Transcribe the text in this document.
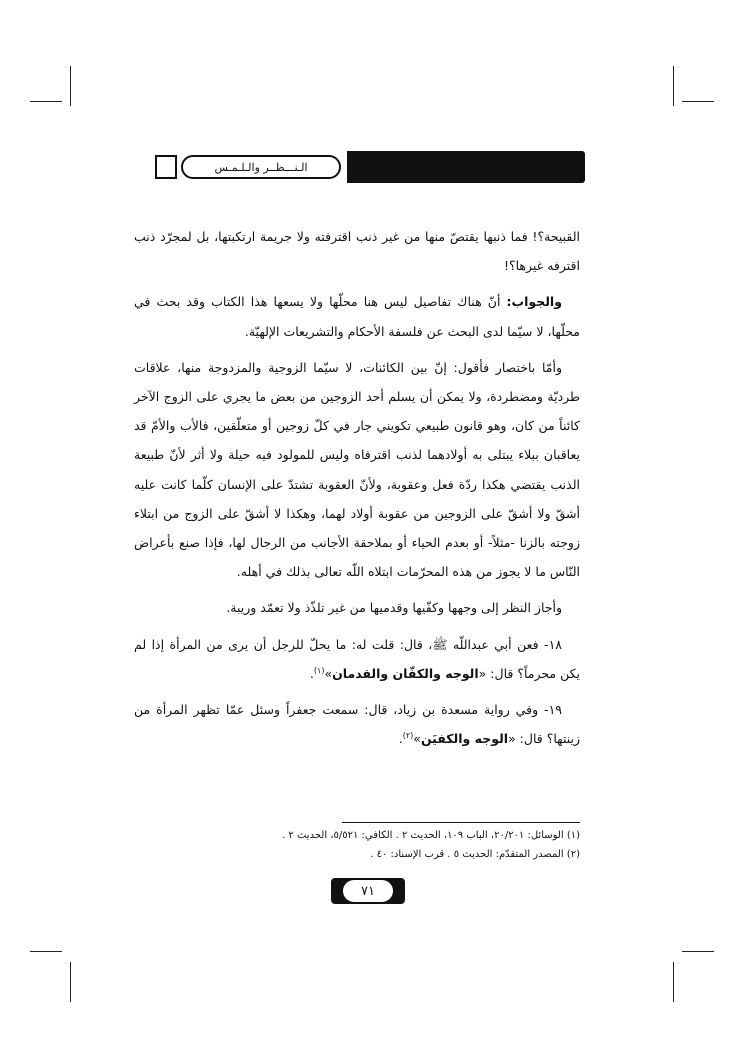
الـنـــظــر والـلـمـس

القبيحة؟! فما ذنبها يقتصّ منها من غير ذنب اقترفته ولا جريمة ارتكبتها، بل لمجرّد ذنب اقترفه غيرها؟!

والجواب: أنّ هناك تفاصيل ليس هنا محلّها ولا يسعها هذا الكتاب وقد بحث في محلّها، لا سيّما لدى البحث عن فلسفة الأحكام والتشريعات الإلهيّة.

وأمّا باختصار فأقول: إنّ بين الكائنات، لا سيّما الزوجية والمزدوجة منها، علاقات طرديّة ومضطردة، ولا يمكن أن يسلم أحد الزوجين من بعض ما يجري على الزوج الآخر كائناً من كان، وهو قانون طبيعي تكويني جار في كلّ زوجين أو متعلّقين، فالأب والأمّ قد يعاقبان ببلاء يبتلى به أولادهما لذنب اقترفاه وليس للمولود فيه حيلة ولا أثر لأنّ طبيعة الذنب يقتضي هكذا ردّة فعل وعقوبة، ولأنّ العقوبة تشتدّ على الإنسان كلّما كانت عليه أشقّ ولا أشقّ على الزوجين من عقوبة أولاد لهما، وهكذا لا أشقّ على الزوج من ابتلاء زوجته بالزنا -مثلاً- أو بعدم الحياء أو بملاحقة الأجانب من الرجال لها، فإذا صنع بأعراض النّاس ما لا يجوز من هذه المحرّمات ابتلاه اللّه تعالى بذلك في أهله.

وأجاز النظر إلى وجهها وكفّيها وقدميها من غير تلذّذ ولا تعمّد وريبة.

١٨- فعن أبي عبداللّه ﷺ، قال: قلت له: ما يحلّ للرجل أن يرى من المرأة إذا لم يكن محرماً؟ قال: «الوجه والكفّان والقدمان»$^{(١)}$.

١٩- وفي رواية مسعدة بن زياد، قال: سمعت جعفراً وسئل عمّا تظهر المرأة من زينتها؟ قال: «الوجه والكفيَن»$^{(٢)}$.

(١) الوسائل: ٢٠/٢٠١، الباب ١٠٩، الحديث ٢ . الكافي: ٥/٥٢١، الحديث ٢ .
(٢) المصدر المتقدّم: الحديث ٥ . قرب الإسناد: ٤٠ .
٧١
